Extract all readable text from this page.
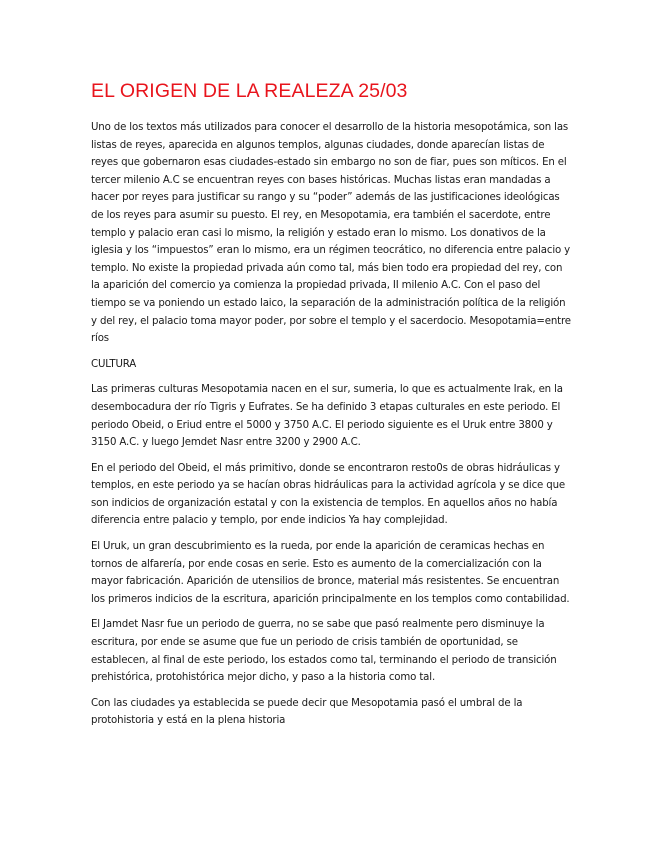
EL ORIGEN DE LA REALEZA 25/03

Uno de los textos más utilizados para conocer el desarrollo de la historia mesopotámica, son las listas de reyes, aparecida en algunos templos, algunas ciudades, donde aparecían listas de reyes que gobernaron esas ciudades-estado sin embargo no son de fiar, pues son míticos. En el tercer milenio A.C se encuentran reyes con bases históricas. Muchas listas eran mandadas a hacer por reyes para justificar su rango y su “poder” además de las justificaciones ideológicas de los reyes para asumir su puesto. El rey, en Mesopotamia, era también el sacerdote, entre templo y palacio eran casi lo mismo, la religión y estado eran lo mismo. Los donativos de la iglesia y los “impuestos” eran lo mismo, era un régimen teocrático, no diferencia entre palacio y templo. No existe la propiedad privada aún como tal, más bien todo era propiedad del rey, con la aparición del comercio ya comienza la propiedad privada, II milenio A.C. Con el paso del tiempo se va poniendo un estado laico, la separación de la administración política de la religión y del rey, el palacio toma mayor poder, por sobre el templo y el sacerdocio. Mesopotamia=entre ríos

CULTURA

Las primeras culturas Mesopotamia nacen en el sur, sumeria, lo que es actualmente Irak, en la desembocadura der río Tigris y Eufrates. Se ha definido 3 etapas culturales en este periodo. El periodo Obeid, o Eriud entre el 5000 y 3750 A.C. El periodo siguiente es el Uruk entre 3800 y 3150 A.C. y luego Jemdet Nasr entre 3200 y 2900 A.C.

En el periodo del Obeid, el más primitivo, donde se encontraron resto0s de obras hidráulicas y templos, en este periodo ya se hacían obras hidráulicas para la actividad agrícola y se dice que son indicios de organización estatal y con la existencia de templos. En aquellos años no había diferencia entre palacio y templo, por ende indicios Ya hay complejidad.

El Uruk, un gran descubrimiento es la rueda, por ende la aparición de ceramicas hechas en tornos de alfarería, por ende cosas en serie. Esto es aumento de la comercialización con la mayor fabricación. Aparición de utensilios de bronce, material más resistentes. Se encuentran los primeros indicios de la escritura, aparición principalmente en los templos como contabilidad.

El Jamdet Nasr fue un periodo de guerra, no se sabe que pasó realmente pero disminuye la escritura, por ende se asume que fue un periodo de crisis también de oportunidad, se establecen, al final de este periodo, los estados como tal, terminando el periodo de transición prehistórica, protohistórica mejor dicho, y paso a la historia como tal.

Con las ciudades ya establecida se puede decir que Mesopotamia pasó el umbral de la protohistoria y está en la plena historia
